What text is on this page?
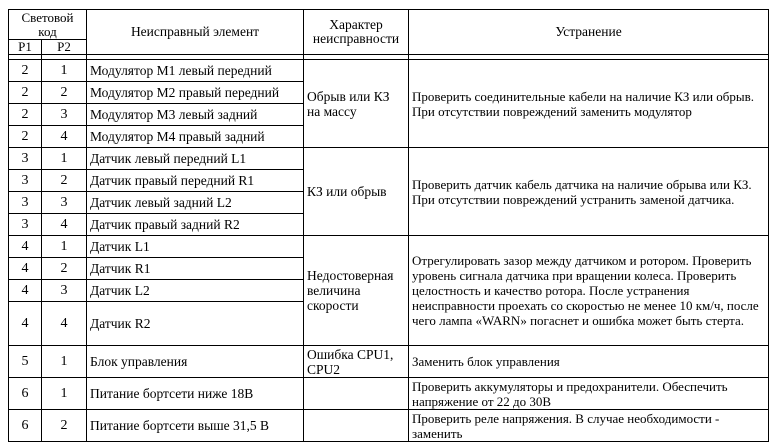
Световой код		Неисправный элемент	Характер неисправности	Устранение
P1	P2			

2	1	Модулятор M1 левый передний	Обрыв или КЗ на массу	Проверить соединительные кабели на наличие КЗ или обрыв. При отсутствии повреждений заменить модулятор
2	2	Модулятор M2 правый передний		
2	3	Модулятор M3 левый задний		
2	4	Модулятор M4 правый задний		
3	1	Датчик левый передний L1	КЗ или обрыв	Проверить датчик кабель датчика на наличие обрыва или КЗ. При отсутствии повреждений устранить заменой датчика.
3	2	Датчик правый передний R1		
3	3	Датчик левый задний L2		
3	4	Датчик правый задний R2		
4	1	Датчик L1	Недостоверная величина скорости	Отрегулировать зазор между датчиком и ротором. Проверить уровень сигнала датчика при вращении колеса. Проверить целостность и качество ротора. После устранения неисправности проехать со скоростью не менее 10 км/ч, после чего лампа «WARN» погаснет и ошибка может быть стерта.
4	2	Датчик R1		
4	3	Датчик L2		
4	4	Датчик R2		
5	1	Блок управления	Ошибка CPU1, CPU2	Заменить блок управления
6	1	Питание бортсети ниже 18В		Проверить аккумуляторы и предохранители. Обеспечить напряжение от 22 до 30В
6	2	Питание бортсети выше 31,5 В		Проверить реле напряжения. В случае необходимости - заменить
